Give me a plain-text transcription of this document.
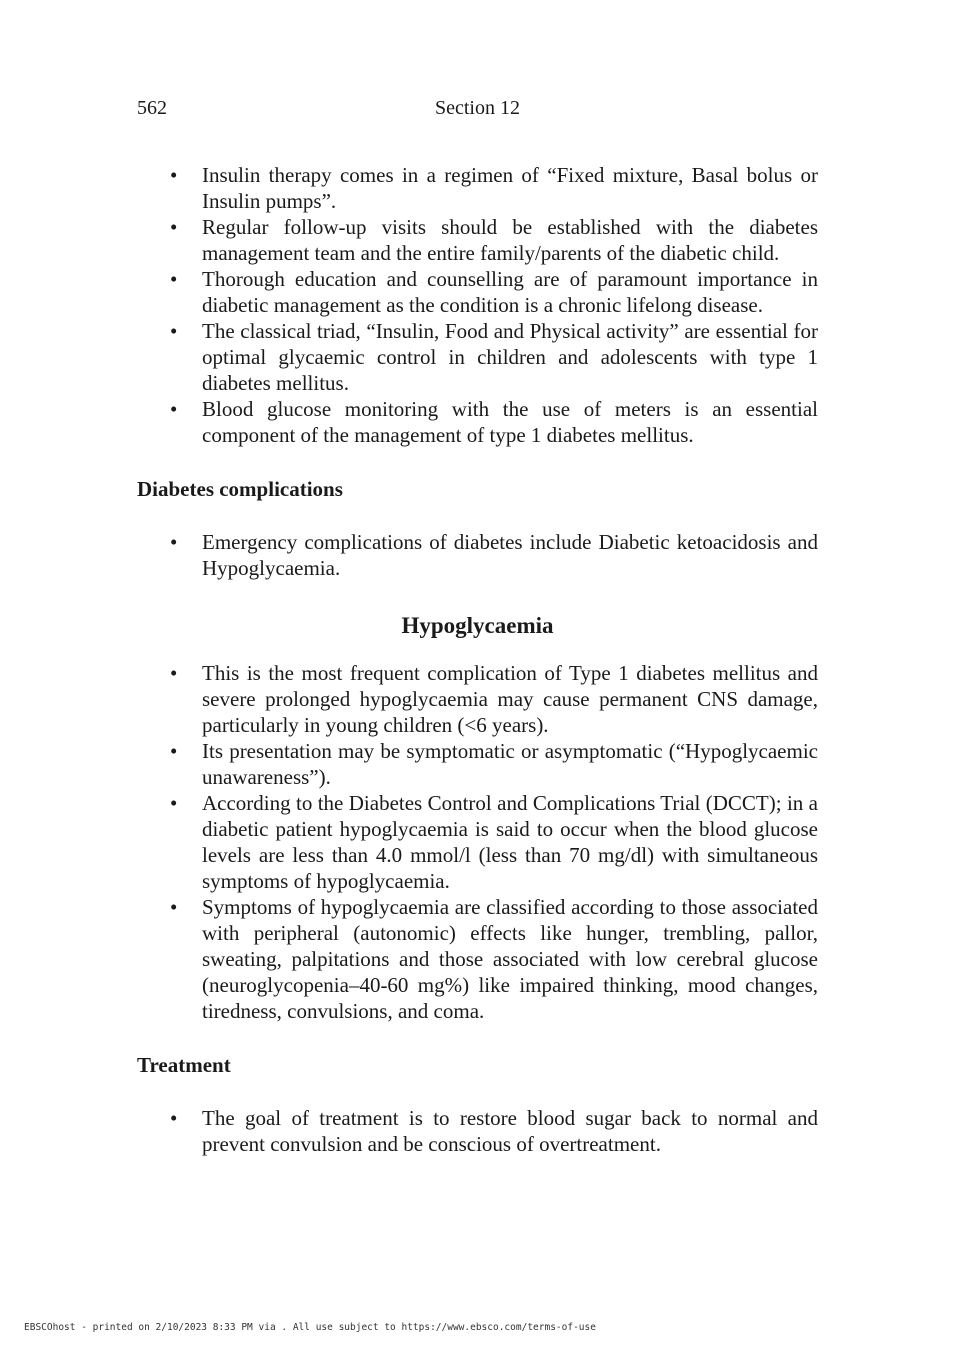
562	Section 12
• Insulin therapy comes in a regimen of “Fixed mixture, Basal bolus or Insulin pumps”.
• Regular follow-up visits should be established with the diabetes management team and the entire family/parents of the diabetic child.
• Thorough education and counselling are of paramount importance in diabetic management as the condition is a chronic lifelong disease.
• The classical triad, “Insulin, Food and Physical activity” are essential for optimal glycaemic control in children and adolescents with type 1 diabetes mellitus.
• Blood glucose monitoring with the use of meters is an essential component of the management of type 1 diabetes mellitus.
Diabetes complications
• Emergency complications of diabetes include Diabetic ketoacidosis and Hypoglycaemia.
Hypoglycaemia
• This is the most frequent complication of Type 1 diabetes mellitus and severe prolonged hypoglycaemia may cause permanent CNS damage, particularly in young children (<6 years).
• Its presentation may be symptomatic or asymptomatic (“Hypoglycaemic unawareness”).
• According to the Diabetes Control and Complications Trial (DCCT); in a diabetic patient hypoglycaemia is said to occur when the blood glucose levels are less than 4.0 mmol/l (less than 70 mg/dl) with simultaneous symptoms of hypoglycaemia.
• Symptoms of hypoglycaemia are classified according to those associated with peripheral (autonomic) effects like hunger, trembling, pallor, sweating, palpitations and those associated with low cerebral glucose (neuroglycopenia–40-60 mg%) like impaired thinking, mood changes, tiredness, convulsions, and coma.
Treatment
• The goal of treatment is to restore blood sugar back to normal and prevent convulsion and be conscious of overtreatment.
EBSCOhost - printed on 2/10/2023 8:33 PM via . All use subject to https://www.ebsco.com/terms-of-use
